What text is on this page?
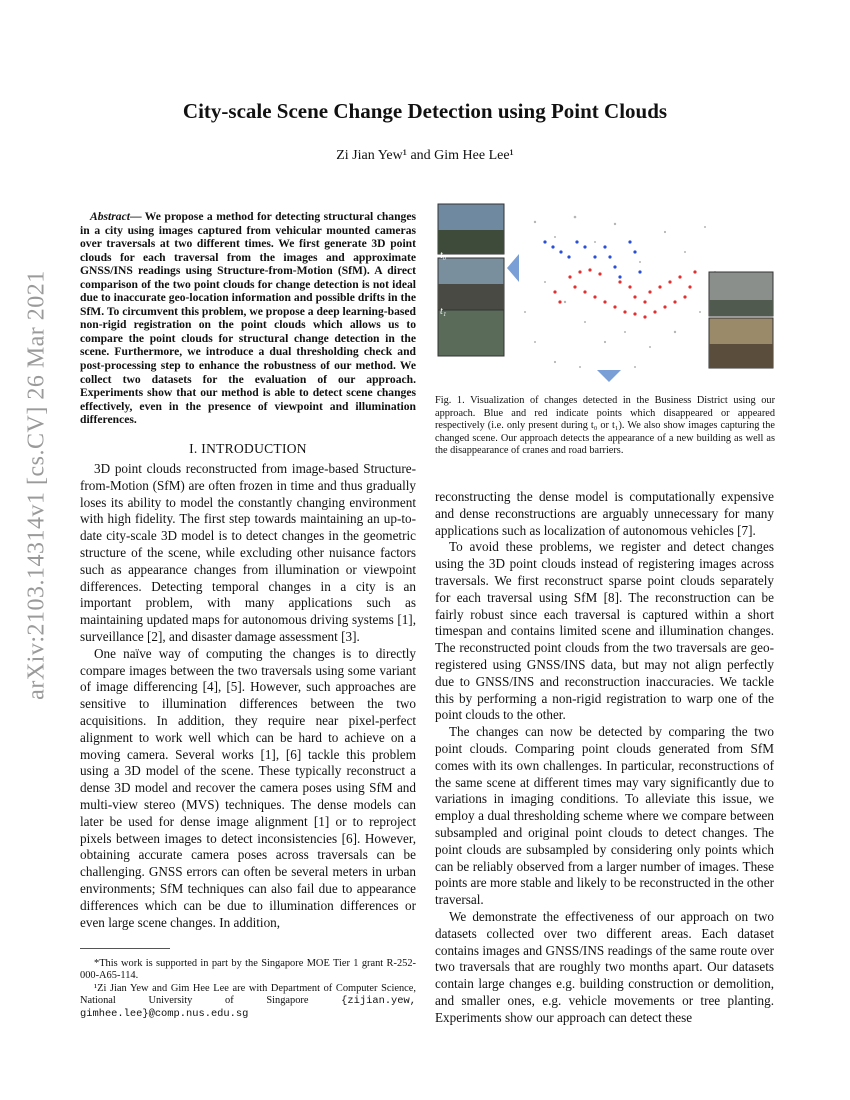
arXiv:2103.14314v1 [cs.CV] 26 Mar 2021
City-scale Scene Change Detection using Point Clouds
Zi Jian Yew¹ and Gim Hee Lee¹
Abstract— We propose a method for detecting structural changes in a city using images captured from vehicular mounted cameras over traversals at two different times. We first generate 3D point clouds for each traversal from the images and approximate GNSS/INS readings using Structure-from-Motion (SfM). A direct comparison of the two point clouds for change detection is not ideal due to inaccurate geo-location information and possible drifts in the SfM. To circumvent this problem, we propose a deep learning-based non-rigid registration on the point clouds which allows us to compare the point clouds for structural change detection in the scene. Furthermore, we introduce a dual thresholding check and post-processing step to enhance the robustness of our method. We collect two datasets for the evaluation of our approach. Experiments show that our method is able to detect scene changes effectively, even in the presence of viewpoint and illumination differences.
I. INTRODUCTION

3D point clouds reconstructed from image-based Structure-from-Motion (SfM) are often frozen in time and thus gradually loses its ability to model the constantly changing environment with high fidelity. The first step towards maintaining an up-to-date city-scale 3D model is to detect changes in the geometric structure of the scene, while excluding other nuisance factors such as appearance changes from illumination or viewpoint differences. Detecting temporal changes in a city is an important problem, with many applications such as maintaining updated maps for autonomous driving systems [1], surveillance [2], and disaster damage assessment [3].

One naïve way of computing the changes is to directly compare images between the two traversals using some variant of image differencing [4], [5]. However, such approaches are sensitive to illumination differences between the two acquisitions. In addition, they require near pixel-perfect alignment to work well which can be hard to achieve on a moving camera. Several works [1], [6] tackle this problem using a 3D model of the scene. These typically reconstruct a dense 3D model and recover the camera poses using SfM and multi-view stereo (MVS) techniques. The dense models can later be used for dense image alignment [1] or to reproject pixels between images to detect inconsistencies [6]. However, obtaining accurate camera poses across traversals can be challenging. GNSS errors can often be several meters in urban environments; SfM techniques can also fail due to appearance differences which can be due to illumination differences or even large scene changes. In addition,

*This work is supported in part by the Singapore MOE Tier 1 grant R-252-000-A65-114.

¹Zi Jian Yew and Gim Hee Lee are with Department of Computer Science, National University of Singapore {zijian.yew, gimhee.lee}@comp.nus.edu.sg

t₀
t₁
Fig. 1. Visualization of changes detected in the Business District using our approach. Blue and red indicate points which disappeared or appeared respectively (i.e. only present during t₀ or t₁). We also show images capturing the changed scene. Our approach detects the appearance of a new building as well as the disappearance of cranes and road barriers.

reconstructing the dense model is computationally expensive and dense reconstructions are arguably unnecessary for many applications such as localization of autonomous vehicles [7].

To avoid these problems, we register and detect changes using the 3D point clouds instead of registering images across traversals. We first reconstruct sparse point clouds separately for each traversal using SfM [8]. The reconstruction can be fairly robust since each traversal is captured within a short timespan and contains limited scene and illumination changes. The reconstructed point clouds from the two traversals are geo-registered using GNSS/INS data, but may not align perfectly due to GNSS/INS and reconstruction inaccuracies. We tackle this by performing a non-rigid registration to warp one of the point clouds to the other.

The changes can now be detected by comparing the two point clouds. Comparing point clouds generated from SfM comes with its own challenges. In particular, reconstructions of the same scene at different times may vary significantly due to variations in imaging conditions. To alleviate this issue, we employ a dual thresholding scheme where we compare between subsampled and original point clouds to detect changes. The point clouds are subsampled by considering only points which can be reliably observed from a larger number of images. These points are more stable and likely to be reconstructed in the other traversal.

We demonstrate the effectiveness of our approach on two datasets collected over two different areas. Each dataset contains images and GNSS/INS readings of the same route over two traversals that are roughly two months apart. Our datasets contain large changes e.g. building construction or demolition, and smaller ones, e.g. vehicle movements or tree planting. Experiments show our approach can detect these
